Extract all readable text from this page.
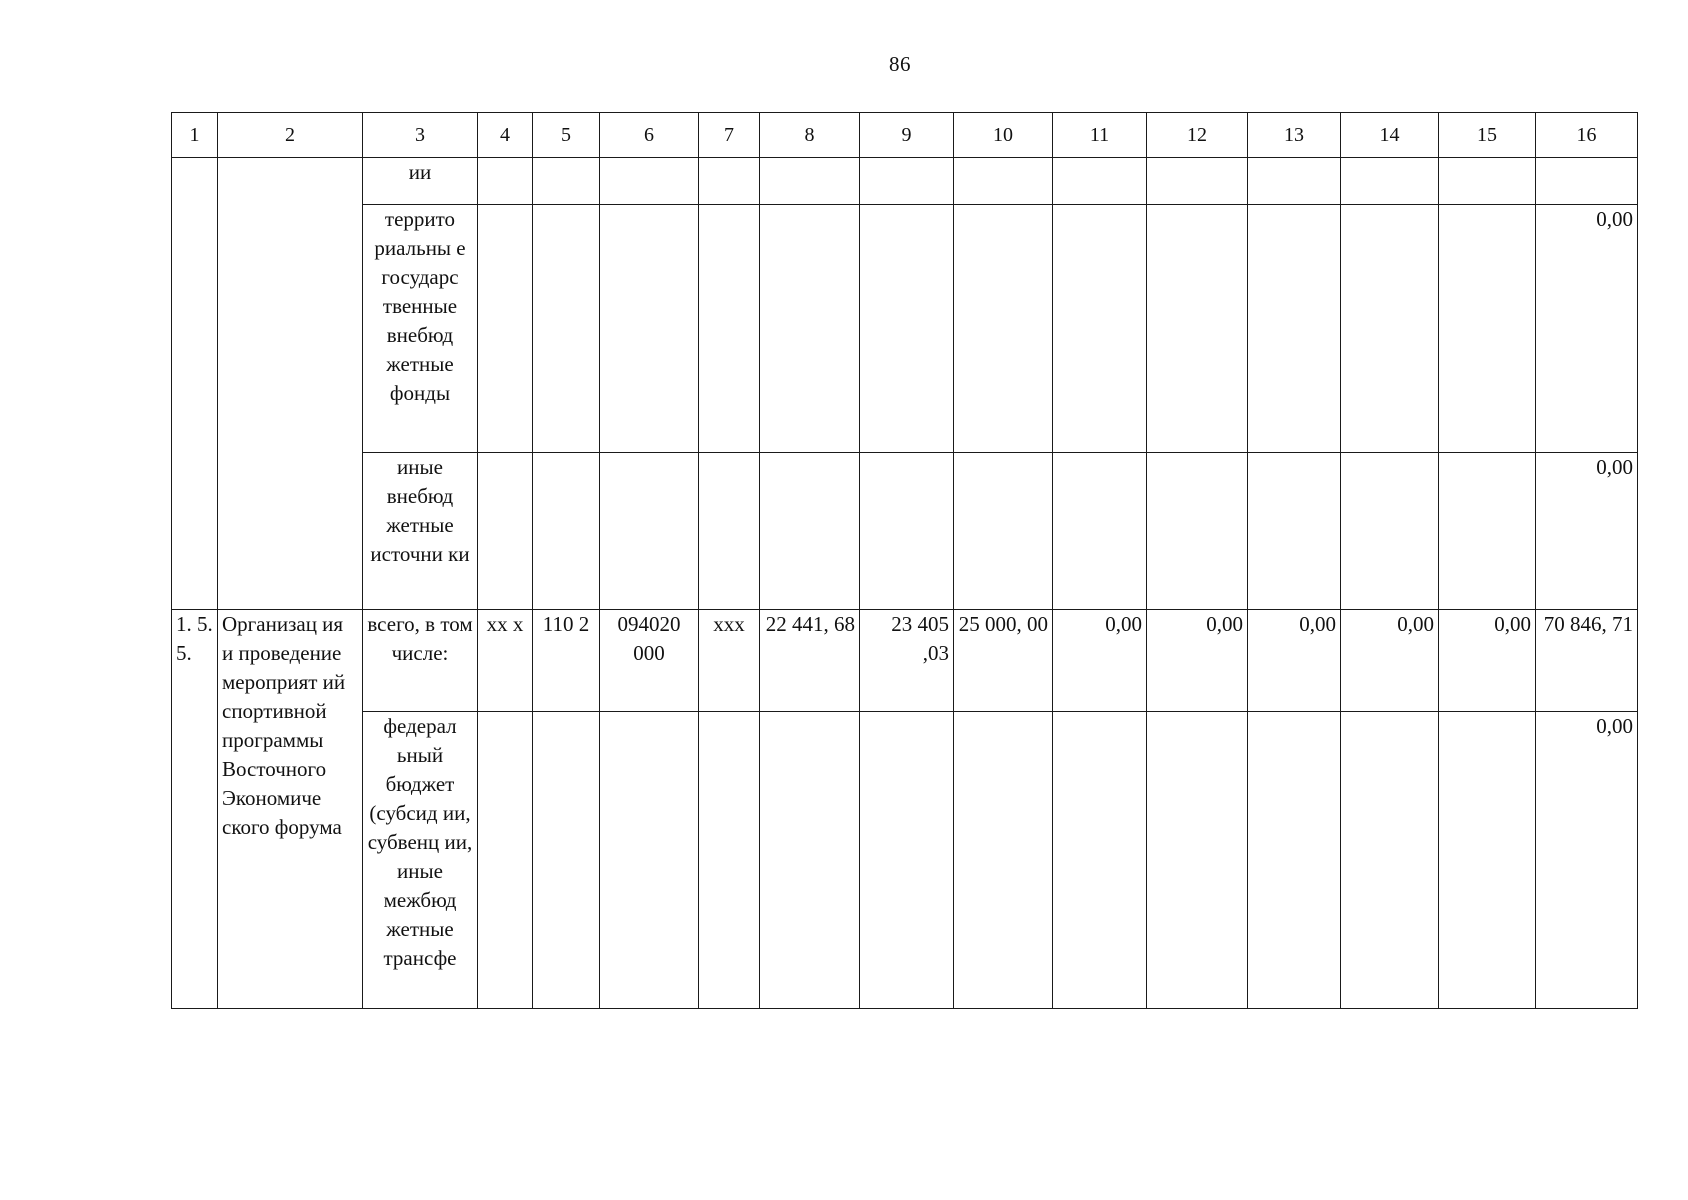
86
1	2	3	4	5	6	7	8	9	10	11	12	13	14	15	16
		ии													
		террито риальны е государс твенные внебюд жетные фонды													0,00
		иные внебюд жетные источни ки													0,00
1. 5. 5.	Организац ия и проведение мероприят ий спортивной программы Восточного Экономиче ского форума	всего, в том числе:	хх х	110 2	094020 000	ххх	22 441, 68	23 405 ,03	25 000, 00	0,00	0,00	0,00	0,00	0,00	70 846, 71
		федерал ьный бюджет (субсид ии, субвенц ии, иные межбюд жетные трансфе													0,00
